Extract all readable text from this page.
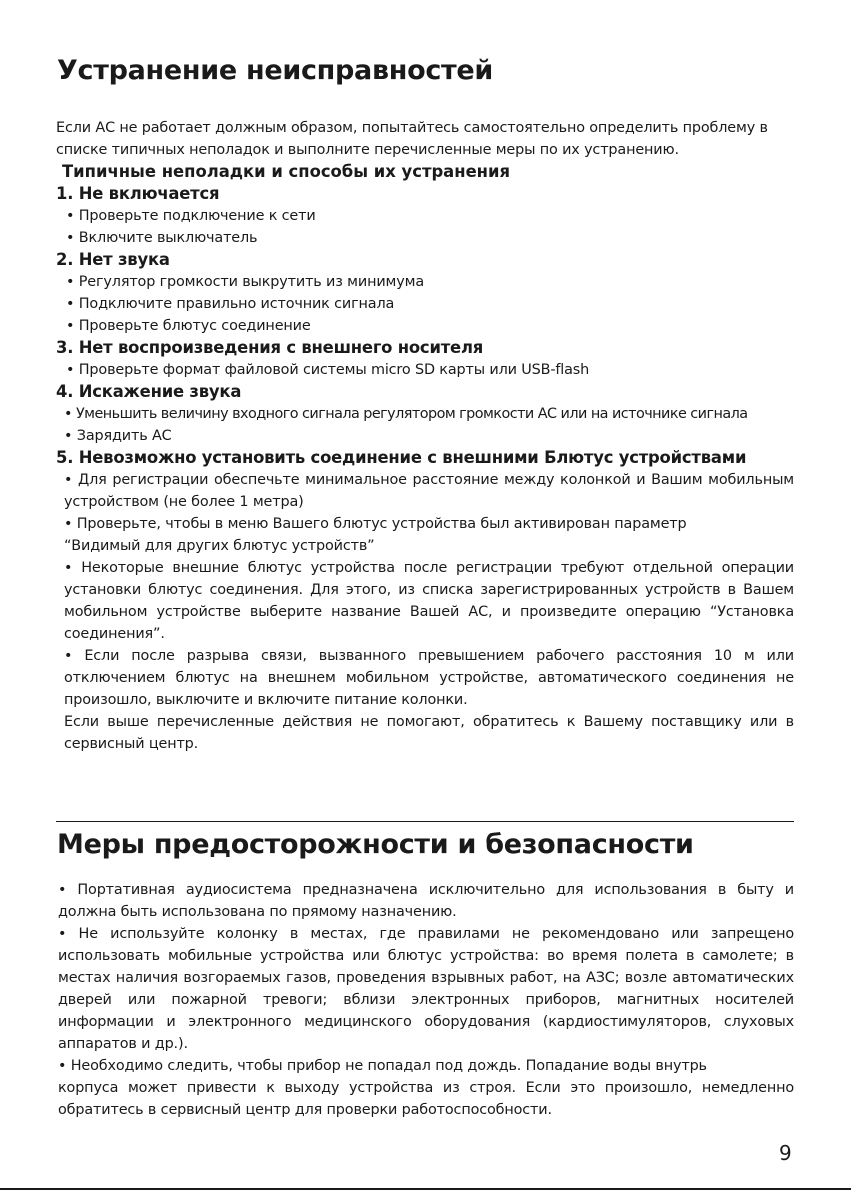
Устранение неисправностей
Если АС не работает должным образом, попытайтесь самостоятельно определить проблему в
списке типичных неполадок и выполните перечисленные меры по их устранению.
Типичные неполадки и способы их устранения
1. Не включается
• Проверьте подключение к сети
• Включите выключатель
2. Нет звука
• Регулятор громкости выкрутить из минимума
• Подключите правильно источник сигнала
• Проверьте блютус соединение
3. Нет воспроизведения с внешнего носителя
• Проверьте формат файловой системы micro SD карты или USB-flash
4. Искажение звука
• Уменьшить величину входного сигнала регулятором громкости АС или на источнике сигнала
• Зарядить АС
5. Невозможно установить соединение с внешними Блютус устройствами

• Для регистрации обеспечьте минимальное расстояние между колонкой и Вашим мобильным устройством (не более 1 метра)

• Проверьте, чтобы в меню Вашего блютус устройства был активирован параметр
“Видимый для других блютус устройств”

• Некоторые внешние блютус устройства после регистрации требуют отдельной операции установки блютус соединения. Для этого, из списка зарегистрированных устройств в Вашем мобильном устройстве выберите название Вашей АС, и произведите операцию “Установка соединения”.

• Если после разрыва связи, вызванного превышением рабочего расстояния 10 м или отключением блютус на внешнем мобильном устройстве, автоматического соединения не произошло, выключите и включите питание колонки.

Если выше перечисленные действия не помогают, обратитесь к Вашему поставщику или в сервисный центр.

Меры предосторожности и безопасности

• Портативная аудиосистема предназначена исключительно для использования в быту и должна быть использована по прямому назначению.

• Не используйте колонку в местах, где правилами не рекомендовано или запрещено использовать мобильные устройства или блютус устройства: во время полета в самолете; в местах наличия возгораемых газов, проведения взрывных работ, на АЗС; возле автоматических дверей или пожарной тревоги; вблизи электронных приборов, магнитных носителей информации и электронного медицинского оборудования (кардиостимуляторов, слуховых аппаратов и др.).

• Необходимо следить, чтобы прибор не попадал под дождь. Попадание воды внутрь

корпуса может привести к выходу устройства из строя. Если это произошло, немедленно обратитесь в сервисный центр для проверки работоспособности.

9
